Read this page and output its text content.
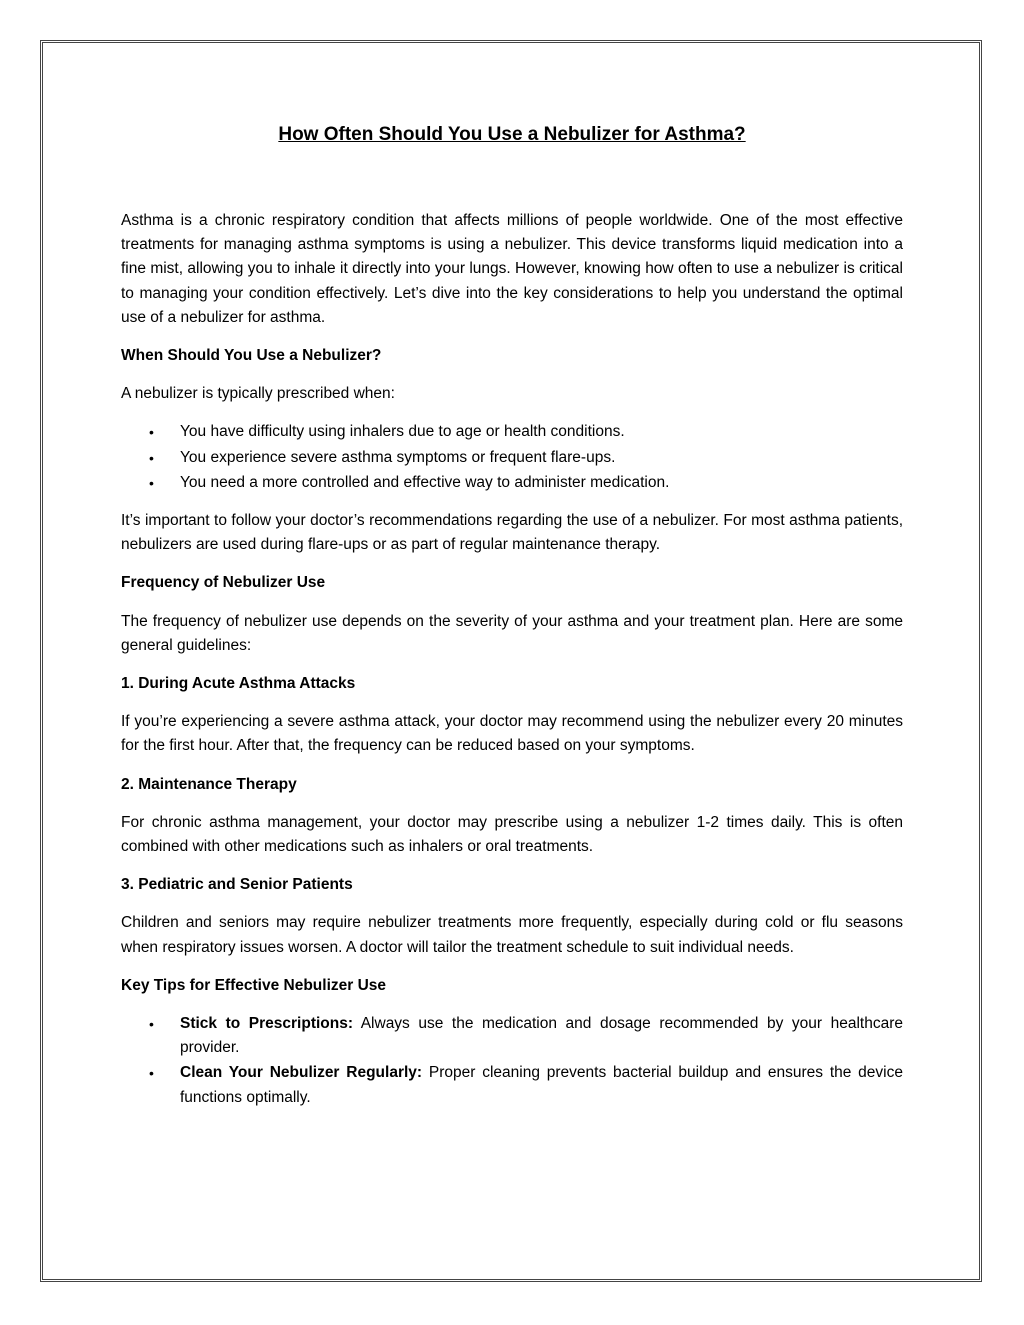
How Often Should You Use a Nebulizer for Asthma?

Asthma is a chronic respiratory condition that affects millions of people worldwide. One of the most effective treatments for managing asthma symptoms is using a nebulizer. This device transforms liquid medication into a fine mist, allowing you to inhale it directly into your lungs. However, knowing how often to use a nebulizer is critical to managing your condition effectively. Let’s dive into the key considerations to help you understand the optimal use of a nebulizer for asthma.

When Should You Use a Nebulizer?

A nebulizer is typically prescribed when:

• You have difficulty using inhalers due to age or health conditions.
• You experience severe asthma symptoms or frequent flare-ups.
• You need a more controlled and effective way to administer medication.

It’s important to follow your doctor’s recommendations regarding the use of a nebulizer. For most asthma patients, nebulizers are used during flare-ups or as part of regular maintenance therapy.

Frequency of Nebulizer Use

The frequency of nebulizer use depends on the severity of your asthma and your treatment plan. Here are some general guidelines:

1. During Acute Asthma Attacks

If you’re experiencing a severe asthma attack, your doctor may recommend using the nebulizer every 20 minutes for the first hour. After that, the frequency can be reduced based on your symptoms.

2. Maintenance Therapy

For chronic asthma management, your doctor may prescribe using a nebulizer 1-2 times daily. This is often combined with other medications such as inhalers or oral treatments.

3. Pediatric and Senior Patients

Children and seniors may require nebulizer treatments more frequently, especially during cold or flu seasons when respiratory issues worsen. A doctor will tailor the treatment schedule to suit individual needs.

Key Tips for Effective Nebulizer Use
• Stick to Prescriptions: Always use the medication and dosage recommended by your healthcare provider.
• Clean Your Nebulizer Regularly: Proper cleaning prevents bacterial buildup and ensures the device functions optimally.
